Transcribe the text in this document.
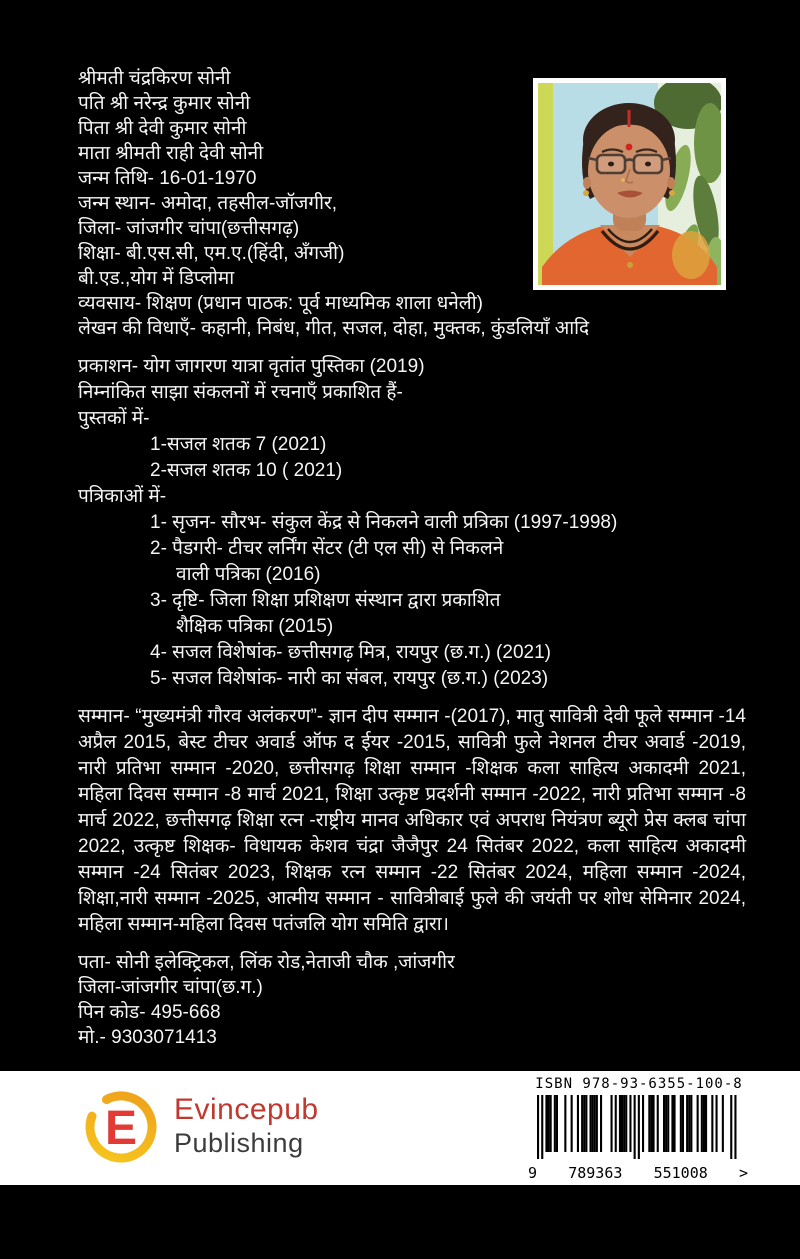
श्रीमती चंद्रकिरण सोनी
पति श्री नरेन्द्र कुमार सोनी
पिता श्री देवी कुमार सोनी
माता श्रीमती राही देवी सोनी
जन्म तिथि- 16-01-1970
जन्म स्थान- अमोदा, तहसील-जॉजगीर,
जिला- जांजगीर चांपा(छत्तीसगढ़)
शिक्षा- बी.एस.सी, एम.ए.(हिंदी, अँगजी)
बी.एड.,योग में डिप्लोमा
व्यवसाय- शिक्षण (प्रधान पाठक: पूर्व माध्यमिक शाला धनेली)
लेखन की विधाएँ- कहानी, निबंध, गीत, सजल, दोहा, मुक्तक, कुंडलियाँ आदि
प्रकाशन- योग जागरण यात्रा वृतांत पुस्तिका (2019)
निम्नांकित साझा संकलनों में रचनाएँ प्रकाशित हैं-
पुस्तकों में-
1-सजल शतक 7 (2021)
2-सजल शतक 10 ( 2021)
पत्रिकाओं में-
1- सृजन- सौरभ- संकुल केंद्र से निकलने वाली प्रत्रिका (1997-1998)
2- पैडगरी- टीचर लर्निंग सेंटर (टी एल सी) से निकलने
वाली पत्रिका (2016)
3- दृष्टि- जिला शिक्षा प्रशिक्षण संस्थान द्वारा प्रकाशित
शैक्षिक पत्रिका (2015)
4- सजल विशेषांक- छत्तीसगढ़ मित्र, रायपुर (छ.ग.) (2021)
5- सजल विशेषांक- नारी का संबल, रायपुर (छ.ग.) (2023)
सम्मान- “मुख्यमंत्री गौरव अलंकरण”- ज्ञान दीप सम्मान -(2017), मातु सावित्री देवी फूले सम्मान -14 अप्रैल 2015, बेस्ट टीचर अवार्ड ऑफ द ईयर -2015, सावित्री फुले नेशनल टीचर अवार्ड -2019, नारी प्रतिभा सम्मान -2020, छत्तीसगढ़ शिक्षा सम्मान -शिक्षक कला साहित्य अकादमी 2021, महिला दिवस सम्मान -8 मार्च 2021, शिक्षा उत्कृष्ट प्रदर्शनी सम्मान -2022, नारी प्रतिभा सम्मान -8 मार्च 2022, छत्तीसगढ़ शिक्षा रत्न -राष्ट्रीय मानव अधिकार एवं अपराध नियंत्रण ब्यूरो प्रेस क्लब चांपा 2022, उत्कृष्ट शिक्षक- विधायक केशव चंद्रा जैजैपुर 24 सितंबर 2022, कला साहित्य अकादमी सम्मान -24 सितंबर 2023, शिक्षक रत्न सम्मान -22 सितंबर 2024, महिला सम्मान -2024, शिक्षा,नारी सम्मान -2025, आत्मीय सम्मान - सावित्रीबाई फुले की जयंती पर शोध सेमिनार 2024, महिला सम्मान-महिला दिवस पतंजलि योग समिति द्वारा।
पता- सोनी इलेक्ट्रिकल, लिंक रोड,नेताजी चौक ,जांजगीर
जिला-जांजगीर चांपा(छ.ग.)
पिन कोड- 495-668
मो.- 9303071413
E Evincepub
Publishing
ISBN 978-93-6355-100-8
9 789363 551008 >
